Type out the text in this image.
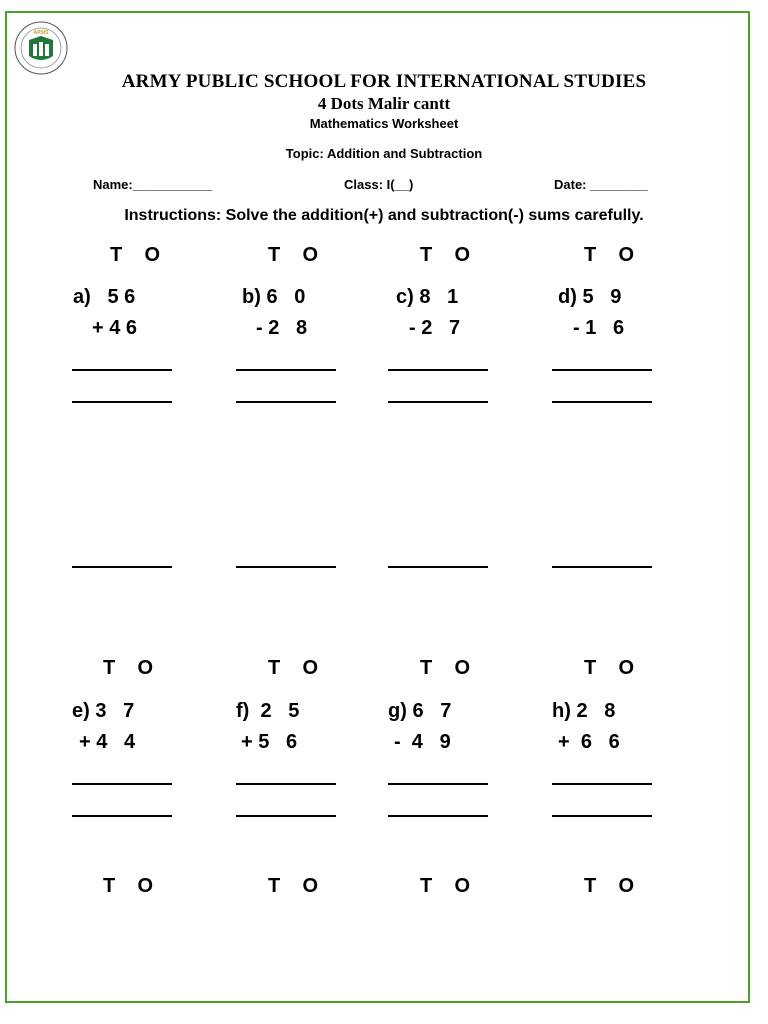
APSIS
ARMY PUBLIC SCHOOL FOR INTERNATIONAL STUDIES
4 Dots Malir cantt
Mathematics Worksheet
Topic: Addition and Subtraction
Name:___________	Class: I(__)	Date: ________
Instructions: Solve the addition(+) and subtraction(-) sums carefully.
T    O	T    O	T    O	T    O
a) 5 6
+ 4 6
b) 6   0
- 2   8
c) 8   1
- 2   7
d) 5   9
- 1   6
T    O	T    O	T    O	T    O
e) 3   7
+ 4   4
f) 2   5
+ 5   6
g) 6   7
- 4   9
h) 2   8
+ 6   6
T    O	T    O	T    O	T    O
